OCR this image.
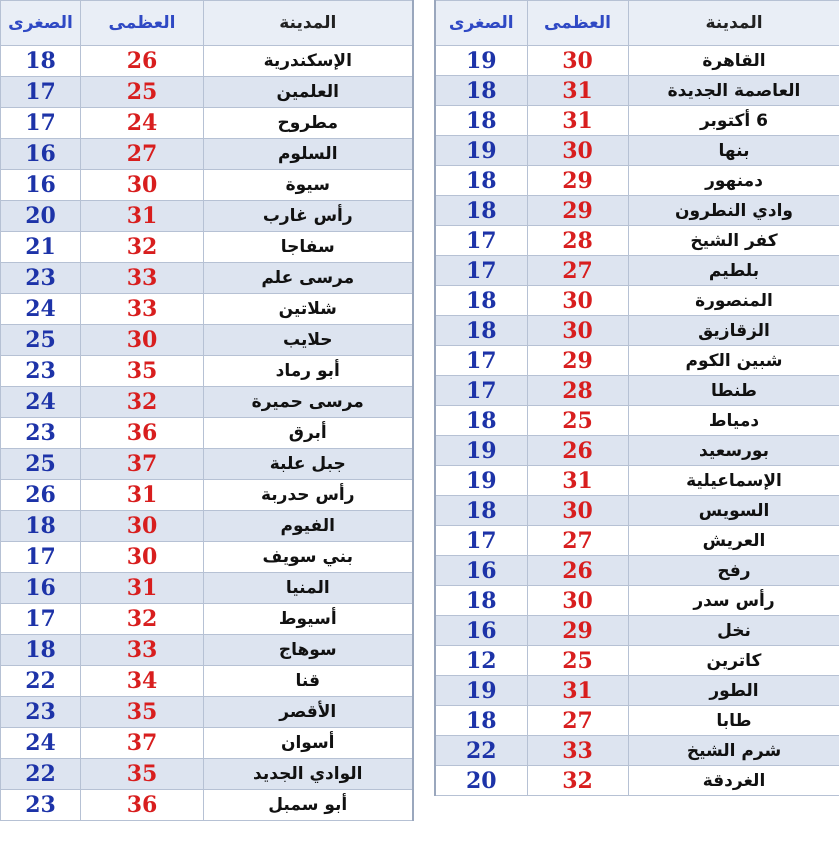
الصغرى	العظمى	المدينة
18	26	الإسكندرية
17	25	العلمين
17	24	مطروح
16	27	السلوم
16	30	سيوة
20	31	رأس غارب
21	32	سفاجا
23	33	مرسى علم
24	33	شلاتين
25	30	حلايب
23	35	أبو رماد
24	32	مرسى حميرة
23	36	أبرق
25	37	جبل علبة
26	31	رأس حدربة
18	30	الفيوم
17	30	بني سويف
16	31	المنيا
17	32	أسيوط
18	33	سوهاج
22	34	قنا
23	35	الأقصر
24	37	أسوان
22	35	الوادي الجديد
23	36	أبو سمبل
الصغرى	العظمى	المدينة
19	30	القاهرة
18	31	العاصمة الجديدة
18	31	6 أكتوبر
19	30	بنها
18	29	دمنهور
18	29	وادي النطرون
17	28	كفر الشيخ
17	27	بلطيم
18	30	المنصورة
18	30	الزقازيق
17	29	شبين الكوم
17	28	طنطا
18	25	دمياط
19	26	بورسعيد
19	31	الإسماعيلية
18	30	السويس
17	27	العريش
16	26	رفح
18	30	رأس سدر
16	29	نخل
12	25	كاترين
19	31	الطور
18	27	طابا
22	33	شرم الشيخ
20	32	الغردقة
